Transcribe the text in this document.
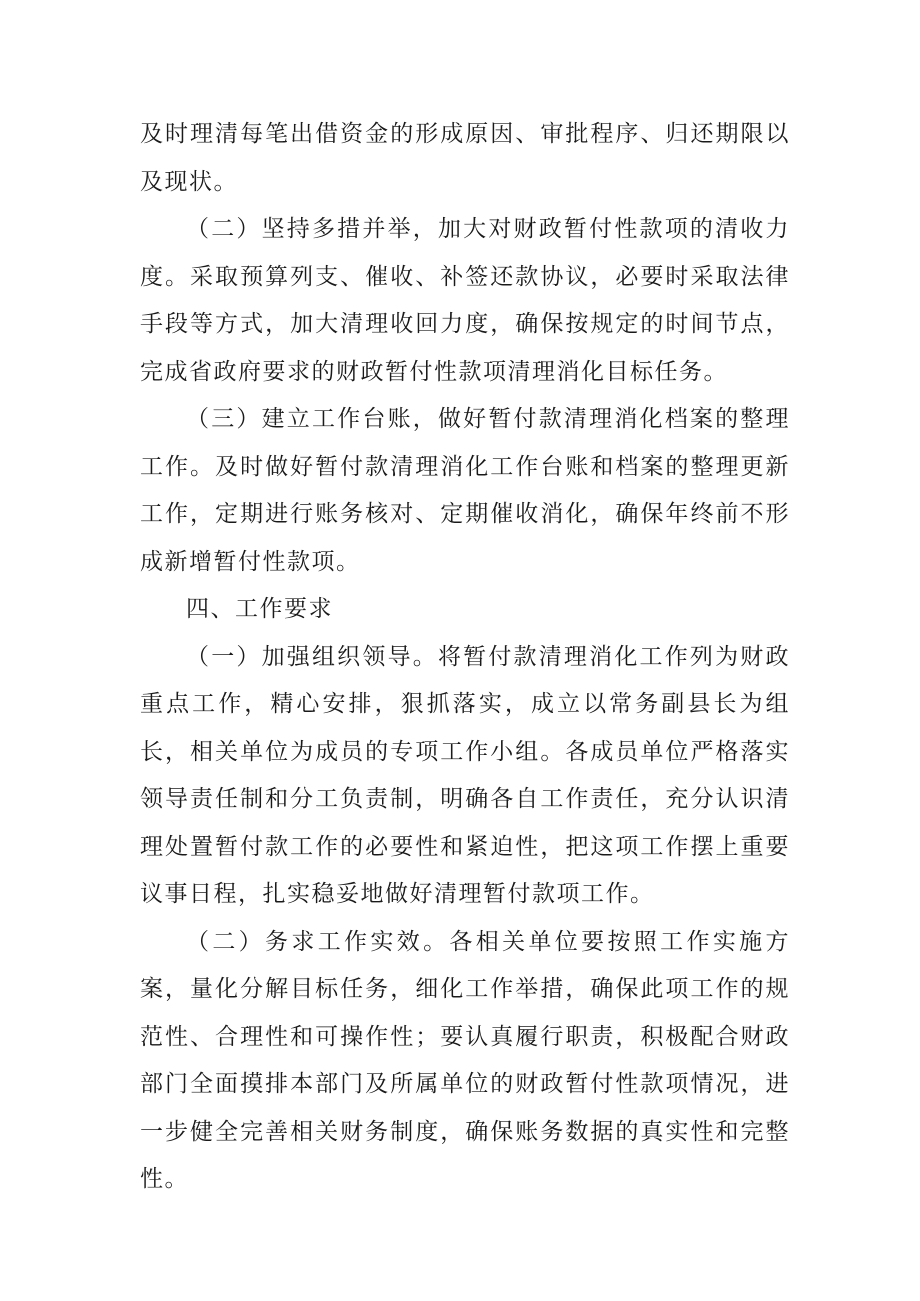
及时理清每笔出借资金的形成原因、审批程序、归还期限以及现状。

（二）坚持多措并举，加大对财政暂付性款项的清收力度。采取预算列支、催收、补签还款协议，必要时采取法律手段等方式，加大清理收回力度，确保按规定的时间节点，完成省政府要求的财政暂付性款项清理消化目标任务。

（三）建立工作台账，做好暂付款清理消化档案的整理工作。及时做好暂付款清理消化工作台账和档案的整理更新工作，定期进行账务核对、定期催收消化，确保年终前不形成新增暂付性款项。

四、工作要求

（一）加强组织领导。将暂付款清理消化工作列为财政重点工作，精心安排，狠抓落实，成立以常务副县长为组长，相关单位为成员的专项工作小组。各成员单位严格落实领导责任制和分工负责制，明确各自工作责任，充分认识清理处置暂付款工作的必要性和紧迫性，把这项工作摆上重要议事日程，扎实稳妥地做好清理暂付款项工作。

（二）务求工作实效。各相关单位要按照工作实施方案，量化分解目标任务，细化工作举措，确保此项工作的规范性、合理性和可操作性；要认真履行职责，积极配合财政部门全面摸排本部门及所属单位的财政暂付性款项情况，进一步健全完善相关财务制度，确保账务数据的真实性和完整性。
